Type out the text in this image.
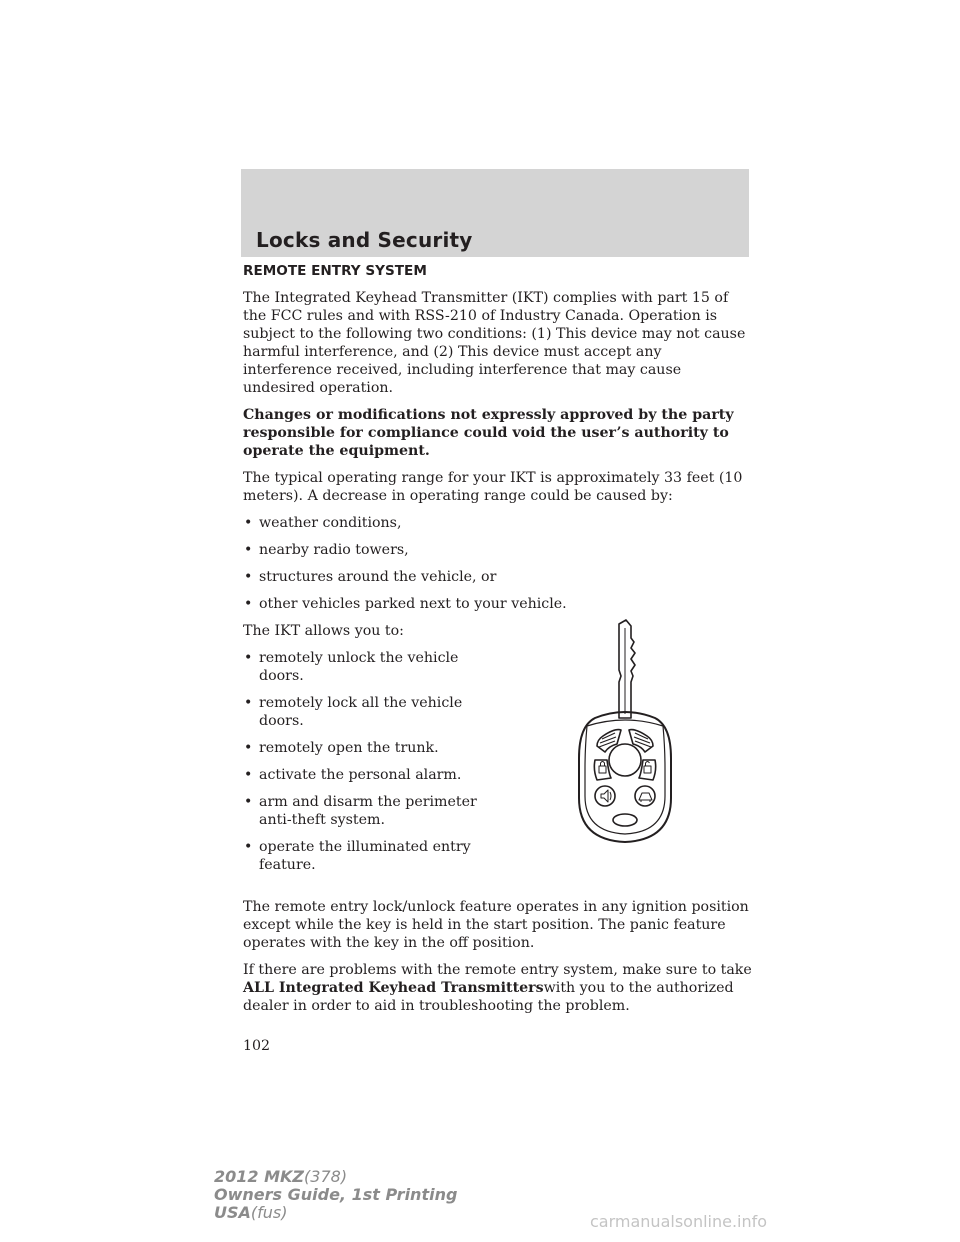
Locks and Security

REMOTE ENTRY SYSTEM

The Integrated Keyhead Transmitter (IKT) complies with part 15 of the FCC rules and with RSS-210 of Industry Canada. Operation is subject to the following two conditions: (1) This device may not cause harmful interference, and (2) This device must accept any interference received, including interference that may cause undesired operation.

Changes or modifications not expressly approved by the party responsible for compliance could void the user’s authority to operate the equipment.

The typical operating range for your IKT is approximately 33 feet (10 meters). A decrease in operating range could be caused by:

• weather conditions,
• nearby radio towers,
• structures around the vehicle, or
• other vehicles parked next to your vehicle.

The IKT allows you to:

• remotely unlock the vehicle doors.
• remotely lock all the vehicle doors.
• remotely open the trunk.
• activate the personal alarm.
• arm and disarm the perimeter anti-theft system.
• operate the illuminated entry feature.

The remote entry lock/unlock feature operates in any ignition position except while the key is held in the start position. The panic feature operates with the key in the off position.

If there are problems with the remote entry system, make sure to take ALL Integrated Keyhead Transmitterswith you to the authorized dealer in order to aid in troubleshooting the problem.

102
2012 MKZ(378)
Owners Guide, 1st Printing
USA(fus)	carmanualsonline.info
